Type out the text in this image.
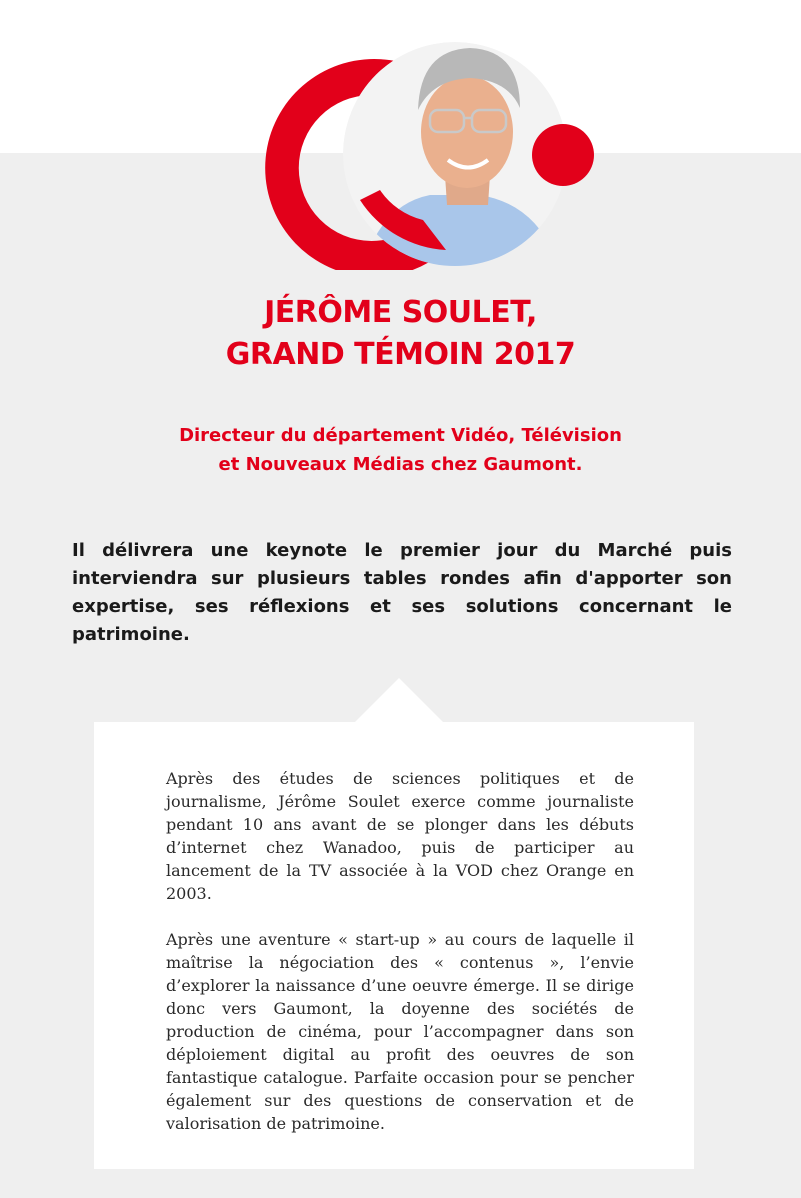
JÉRÔME SOULET,
GRAND TÉMOIN 2017
Directeur du département Vidéo, Télévision
et Nouveaux Médias chez Gaumont.
Il délivrera une keynote le premier jour du Marché puis interviendra sur plusieurs tables rondes afin d'apporter son expertise, ses réflexions et ses solutions concernant le patrimoine.

Après des études de sciences politiques et de journalisme, Jérôme Soulet exerce comme journaliste pendant 10 ans avant de se plonger dans les débuts d’internet chez Wanadoo, puis de participer au lancement de la TV associée à la VOD chez Orange en 2003.

Après une aventure « start-up » au cours de laquelle il maîtrise la négociation des « contenus », l’envie d’explorer la naissance d’une oeuvre émerge. Il se dirige donc vers Gaumont, la doyenne des sociétés de production de cinéma, pour l’accompagner dans son déploiement digital au profit des oeuvres de son fantastique catalogue. Parfaite occasion pour se pencher également sur des questions de conservation et de valorisation de patrimoine.
